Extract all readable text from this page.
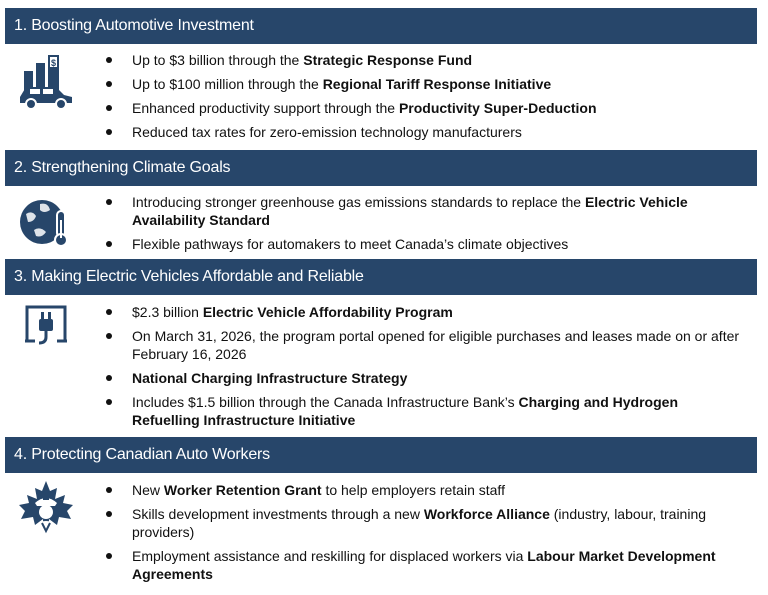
1. Boosting Automotive Investment
$	Up to $3 billion through the Strategic Response Fund
Up to $100 million through the Regional Tariff Response Initiative
Enhanced productivity support through the Productivity Super-Deduction
Reduced tax rates for zero-emission technology manufacturers
2. Strengthening Climate Goals
Introducing stronger greenhouse gas emissions standards to replace the Electric Vehicle Availability Standard
Flexible pathways for automakers to meet Canada’s climate objectives
3. Making Electric Vehicles Affordable and Reliable
$2.3 billion Electric Vehicle Affordability Program
On March 31, 2026, the program portal opened for eligible purchases and leases made on or after February 16, 2026
National Charging Infrastructure Strategy
Includes $1.5 billion through the Canada Infrastructure Bank’s Charging and Hydrogen Refuelling Infrastructure Initiative
4. Protecting Canadian Auto Workers
New Worker Retention Grant to help employers retain staff
Skills development investments through a new Workforce Alliance (industry, labour, training providers)
Employment assistance and reskilling for displaced workers via Labour Market Development Agreements
